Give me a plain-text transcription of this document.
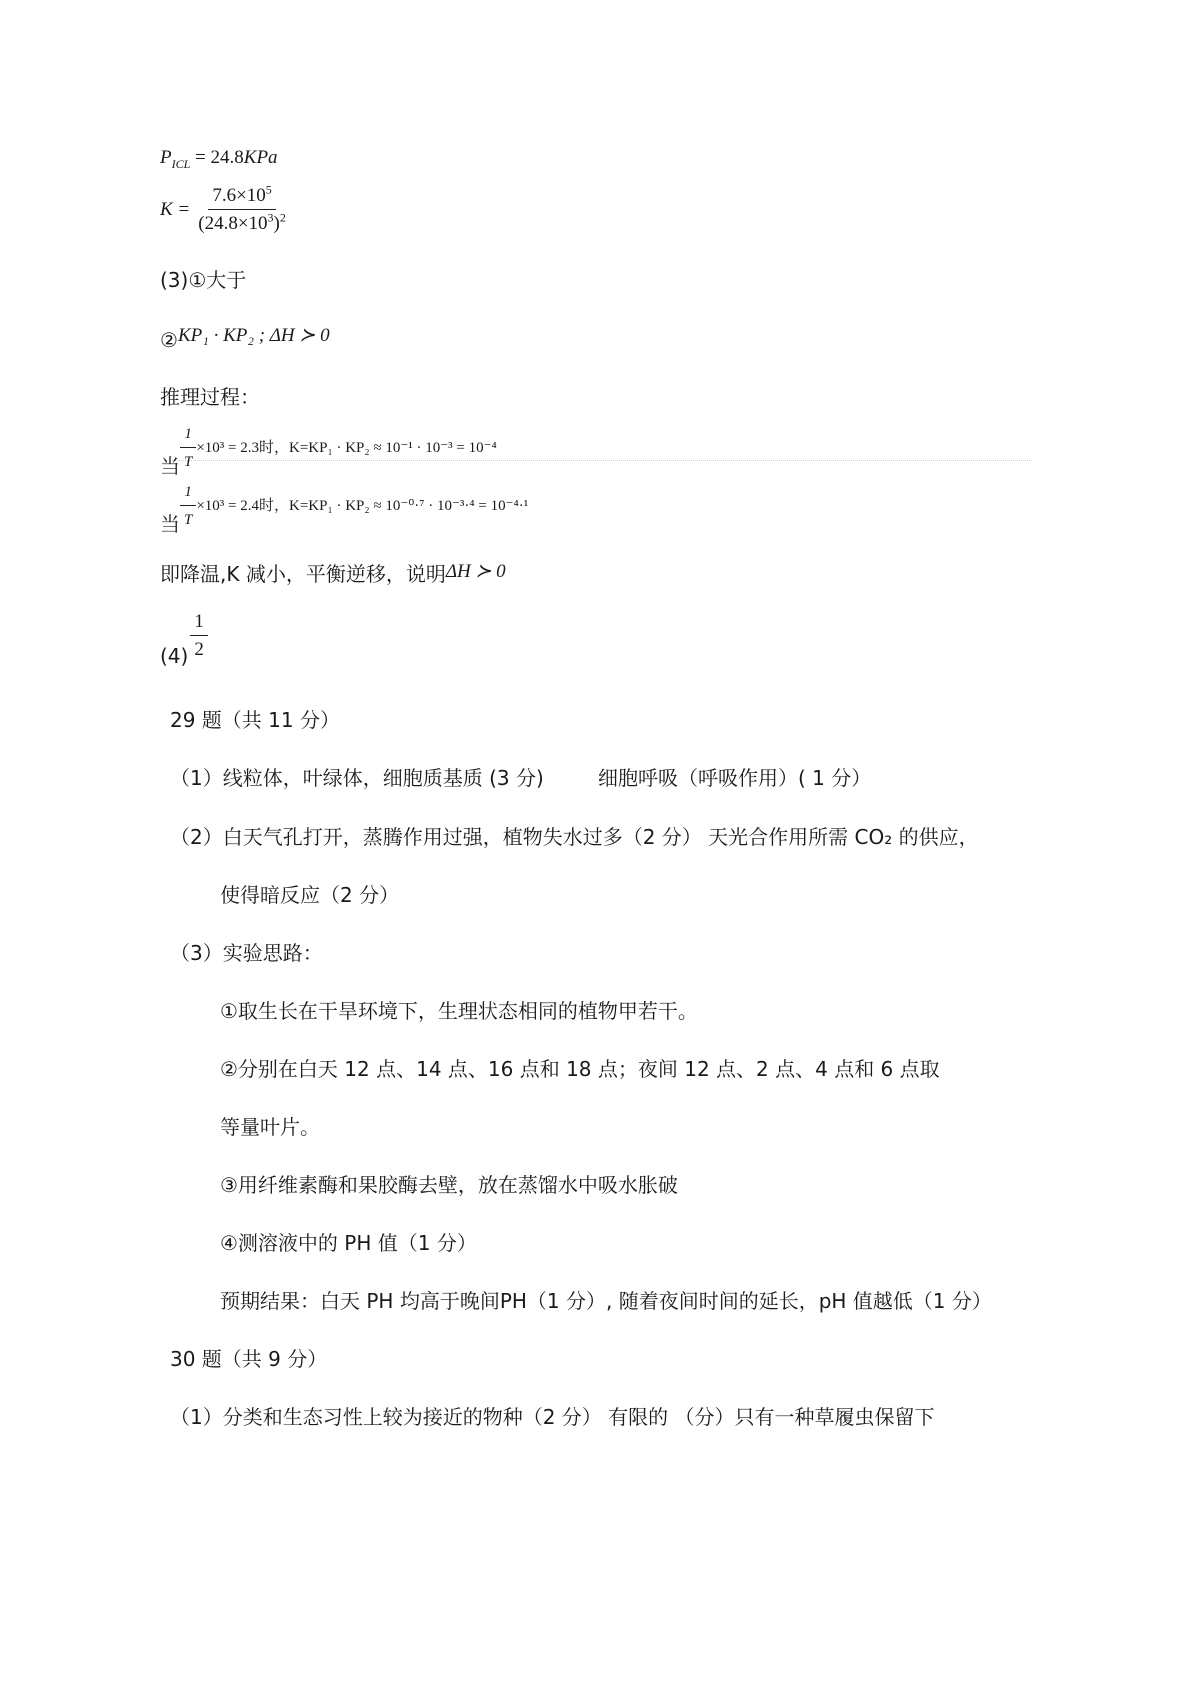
$P_{ICL} = 24.8KPa$
$K = \frac{7.6\times 10^5}{(24.8\times 10^3)^2}$
(3)①大于
②KP₁ · KP₂ ; ΔH ≻ 0
推理过程：
当 $\frac{1}{T} \times 10^3 = 2.3$时，K=KP₁ · KP₂ ≈ 10⁻¹ · 10⁻³ = 10⁻⁴
当 $\frac{1}{T} \times 10^3 = 2.4$时，K=KP₁ · KP₂ ≈ 10⁻⁰·⁷ · 10⁻³·⁴ = 10⁻⁴·¹
即降温,K 减小，平衡逆移，说明ΔH ≻ 0
$(4) \frac{1}{2}$
29 题（共 11 分）
（1）线粒体，叶绿体，细胞质基质 (3 分)	细胞呼吸（呼吸作用）( 1 分）
（2）白天气孔打开，蒸腾作用过强，植物失水过多（2 分） 天光合作用所需 CO₂ 的供应，
使得暗反应（2 分）
（3）实验思路：
①取生长在干旱环境下，生理状态相同的植物甲若干。
②分别在白天 12 点、14 点、16 点和 18 点；夜间 12 点、2 点、4 点和 6 点取
等量叶片。
③用纤维素酶和果胶酶去壁，放在蒸馏水中吸水胀破
④测溶液中的 PH 值（1 分）
预期结果：白天 PH 均高于晚间PH（1 分）, 随着夜间时间的延长，pH 值越低（1 分）
30 题（共 9 分）
（1）分类和生态习性上较为接近的物种（2 分） 有限的 （分）只有一种草履虫保留下
